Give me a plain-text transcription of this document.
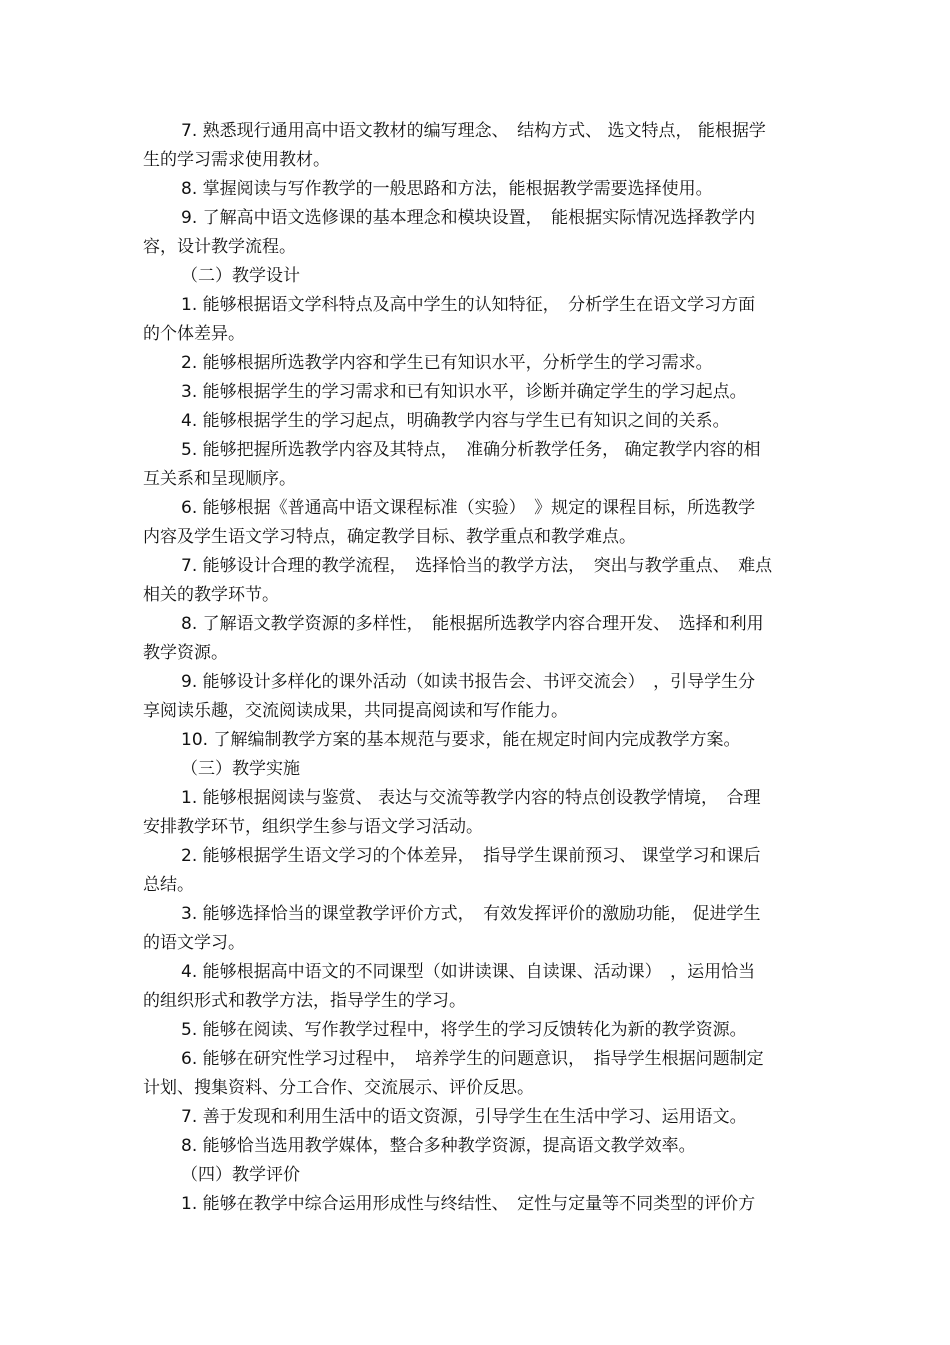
7. 熟悉现行通用高中语文教材的编写理念、　结构方式、 选文特点， 能根据学
生的学习需求使用教材。
8. 掌握阅读与写作教学的一般思路和方法，能根据教学需要选择使用。
9. 了解高中语文选修课的基本理念和模块设置，　能根据实际情况选择教学内
容，设计教学流程。
（二）教学设计
1. 能够根据语文学科特点及高中学生的认知特征，　分析学生在语文学习方面
的个体差异。
2. 能够根据所选教学内容和学生已有知识水平，分析学生的学习需求。
3. 能够根据学生的学习需求和已有知识水平，诊断并确定学生的学习起点。
4. 能够根据学生的学习起点，明确教学内容与学生已有知识之间的关系。
5. 能够把握所选教学内容及其特点，　准确分析教学任务， 确定教学内容的相
互关系和呈现顺序。
6. 能够根据《普通高中语文课程标准（实验）　》规定的课程目标，所选教学
内容及学生语文学习特点，确定教学目标、教学重点和教学难点。
7. 能够设计合理的教学流程，　选择恰当的教学方法，　突出与教学重点、　难点
相关的教学环节。
8. 了解语文教学资源的多样性，　能根据所选教学内容合理开发、　选择和利用
教学资源。
9. 能够设计多样化的课外活动（如读书报告会、书评交流会）　，引导学生分
享阅读乐趣，交流阅读成果，共同提高阅读和写作能力。
10. 了解编制教学方案的基本规范与要求，能在规定时间内完成教学方案。
（三）教学实施
1. 能够根据阅读与鉴赏、 表达与交流等教学内容的特点创设教学情境，　合理
安排教学环节，组织学生参与语文学习活动。
2. 能够根据学生语文学习的个体差异，　指导学生课前预习、 课堂学习和课后
总结。
3. 能够选择恰当的课堂教学评价方式，　有效发挥评价的激励功能， 促进学生
的语文学习。
4. 能够根据高中语文的不同课型（如讲读课、自读课、活动课）　，运用恰当
的组织形式和教学方法，指导学生的学习。
5. 能够在阅读、写作教学过程中，将学生的学习反馈转化为新的教学资源。
6. 能够在研究性学习过程中，　培养学生的问题意识，　指导学生根据问题制定
计划、搜集资料、分工合作、交流展示、评价反思。
7. 善于发现和利用生活中的语文资源，引导学生在生活中学习、运用语文。
8. 能够恰当选用教学媒体，整合多种教学资源，提高语文教学效率。
（四）教学评价
1. 能够在教学中综合运用形成性与终结性、　定性与定量等不同类型的评价方
